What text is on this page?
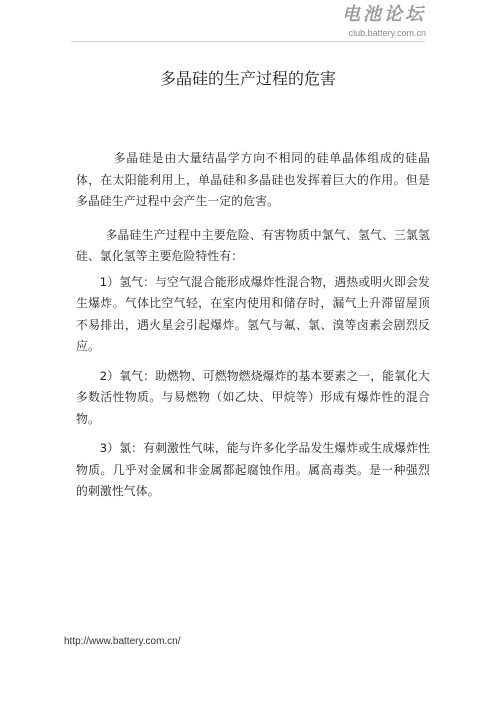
电池论坛
club.battery.com.cn
多晶硅的生产过程的危害

多晶硅是由大量结晶学方向不相同的硅单晶体组成的硅晶体，在太阳能利用上，单晶硅和多晶硅也发挥着巨大的作用。但是多晶硅生产过程中会产生一定的危害。

多晶硅生产过程中主要危险、有害物质中氯气、氢气、三氯氢硅、氯化氢等主要危险特性有：

1）氢气：与空气混合能形成爆炸性混合物，遇热或明火即会发生爆炸。气体比空气轻，在室内使用和储存时，漏气上升滞留屋顶不易排出，遇火星会引起爆炸。氢气与氟、氯、溴等卤素会剧烈反应。

2）氧气：助燃物、可燃物燃烧爆炸的基本要素之一，能氧化大多数活性物质。与易燃物（如乙炔、甲烷等）形成有爆炸性的混合物。

3）氯：有刺激性气味，能与许多化学品发生爆炸或生成爆炸性物质。几乎对金属和非金属都起腐蚀作用。属高毒类。是一种强烈的刺激性气体。

http://www.battery.com.cn/
